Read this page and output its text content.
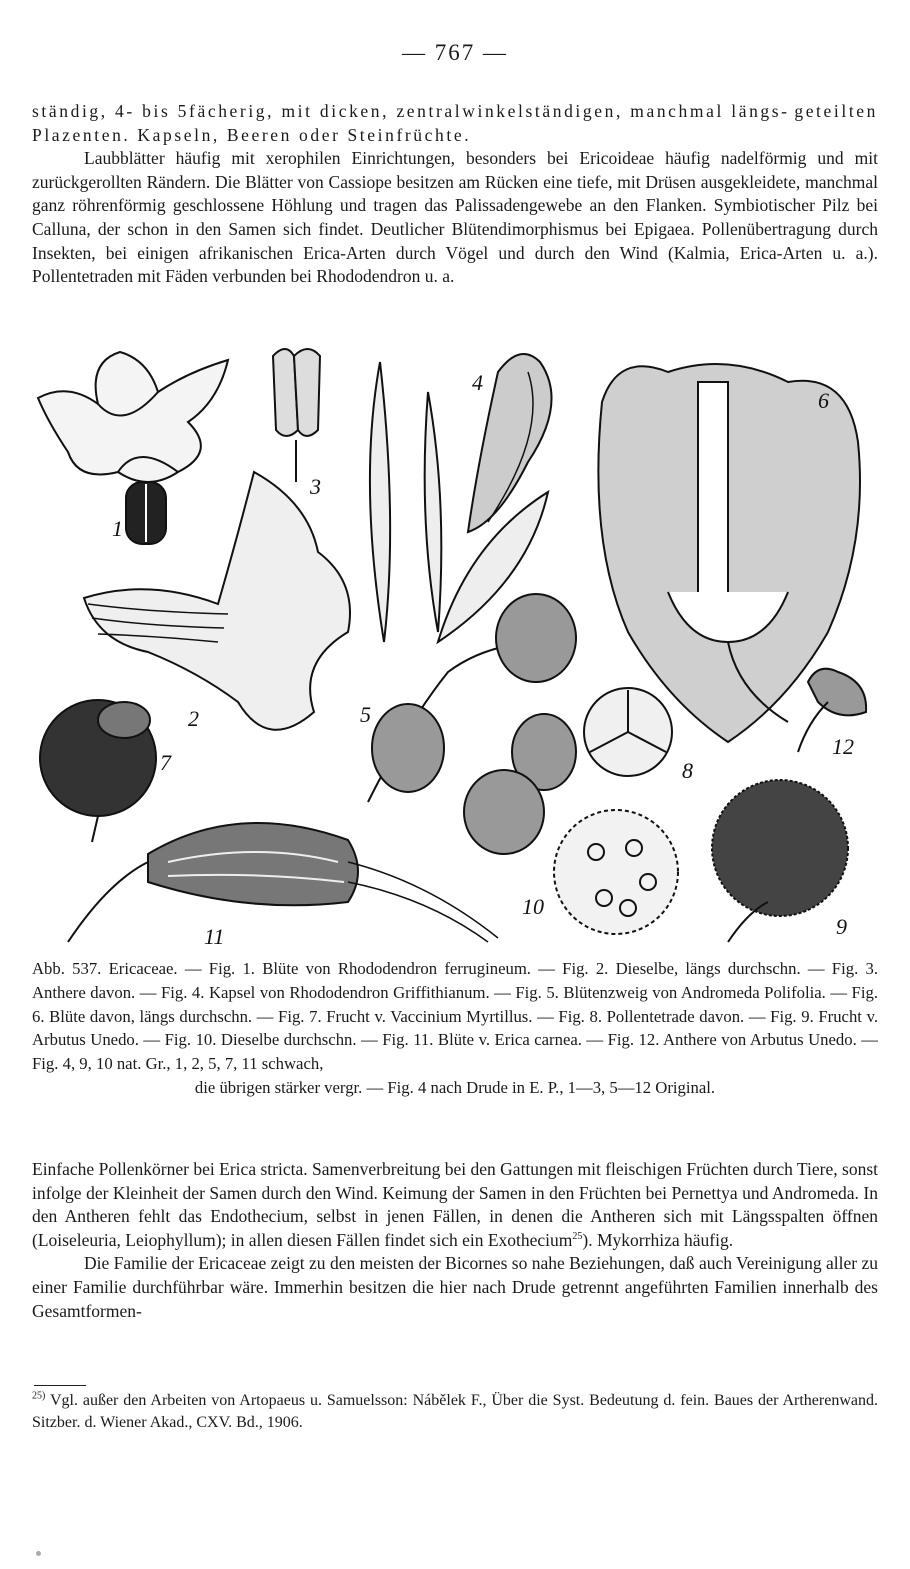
— 767 —

ständig, 4- bis 5fächerig, mit dicken, zentralwinkelständigen, manchmal längs- geteilten Plazenten. Kapseln, Beeren oder Steinfrüchte.
Laubblätter häufig mit xerophilen Einrichtungen, besonders bei Ericoideae häufig nadelförmig und mit zurückgerollten Rändern. Die Blätter von Cassiope besitzen am Rücken eine tiefe, mit Drüsen ausgekleidete, manchmal ganz röhrenförmig geschlossene Höhlung und tragen das Palissadengewebe an den Flanken. Symbiotischer Pilz bei Calluna, der schon in den Samen sich findet. Deutlicher Blütendimorphismus bei Epigaea. Pollenübertragung durch Insekten, bei einigen afrikanischen Erica-Arten durch Vögel und durch den Wind (Kalmia, Erica-Arten u. a.). Pollentetraden mit Fäden verbunden bei Rhododendron u. a.

1
2
3
4
5
6
7	8
9
10
11
12

Abb. 537. Ericaceae. — Fig. 1. Blüte von Rhododendron ferrugineum. — Fig. 2. Dieselbe, längs durchschn. — Fig. 3. Anthere davon. — Fig. 4. Kapsel von Rhododendron Griffithianum. — Fig. 5. Blütenzweig von Andromeda Polifolia. — Fig. 6. Blüte davon, längs durchschn. — Fig. 7. Frucht v. Vaccinium Myrtillus. — Fig. 8. Pollentetrade davon. — Fig. 9. Frucht v. Arbutus Unedo. — Fig. 10. Dieselbe durchschn. — Fig. 11. Blüte v. Erica carnea. — Fig. 12. Anthere von Arbutus Unedo. — Fig. 4, 9, 10 nat. Gr., 1, 2, 5, 7, 11 schwach,
die übrigen stärker vergr. — Fig. 4 nach Drude in E. P., 1—3, 5—12 Original.

Einfache Pollenkörner bei Erica stricta. Samenverbreitung bei den Gattungen mit fleischigen Früchten durch Tiere, sonst infolge der Kleinheit der Samen durch den Wind. Keimung der Samen in den Früchten bei Pernettya und Andromeda. In den Antheren fehlt das Endothecium, selbst in jenen Fällen, in denen die Antheren sich mit Längsspalten öffnen (Loiseleuria, Leiophyllum); in allen diesen Fällen findet sich ein Exothecium$^{25}$). Mykorrhiza häufig.
Die Familie der Ericaceae zeigt zu den meisten der Bicornes so nahe Beziehungen, daß auch Vereinigung aller zu einer Familie durchführbar wäre. Immerhin besitzen die hier nach Drude getrennt angeführten Familien innerhalb des Gesamtformen-

$^{25)}$ Vgl. außer den Arbeiten von Artopaeus u. Samuelsson: Nábělek F., Über die Syst. Bedeutung d. fein. Baues der Artherenwand. Sitzber. d. Wiener Akad., CXV. Bd., 1906.
